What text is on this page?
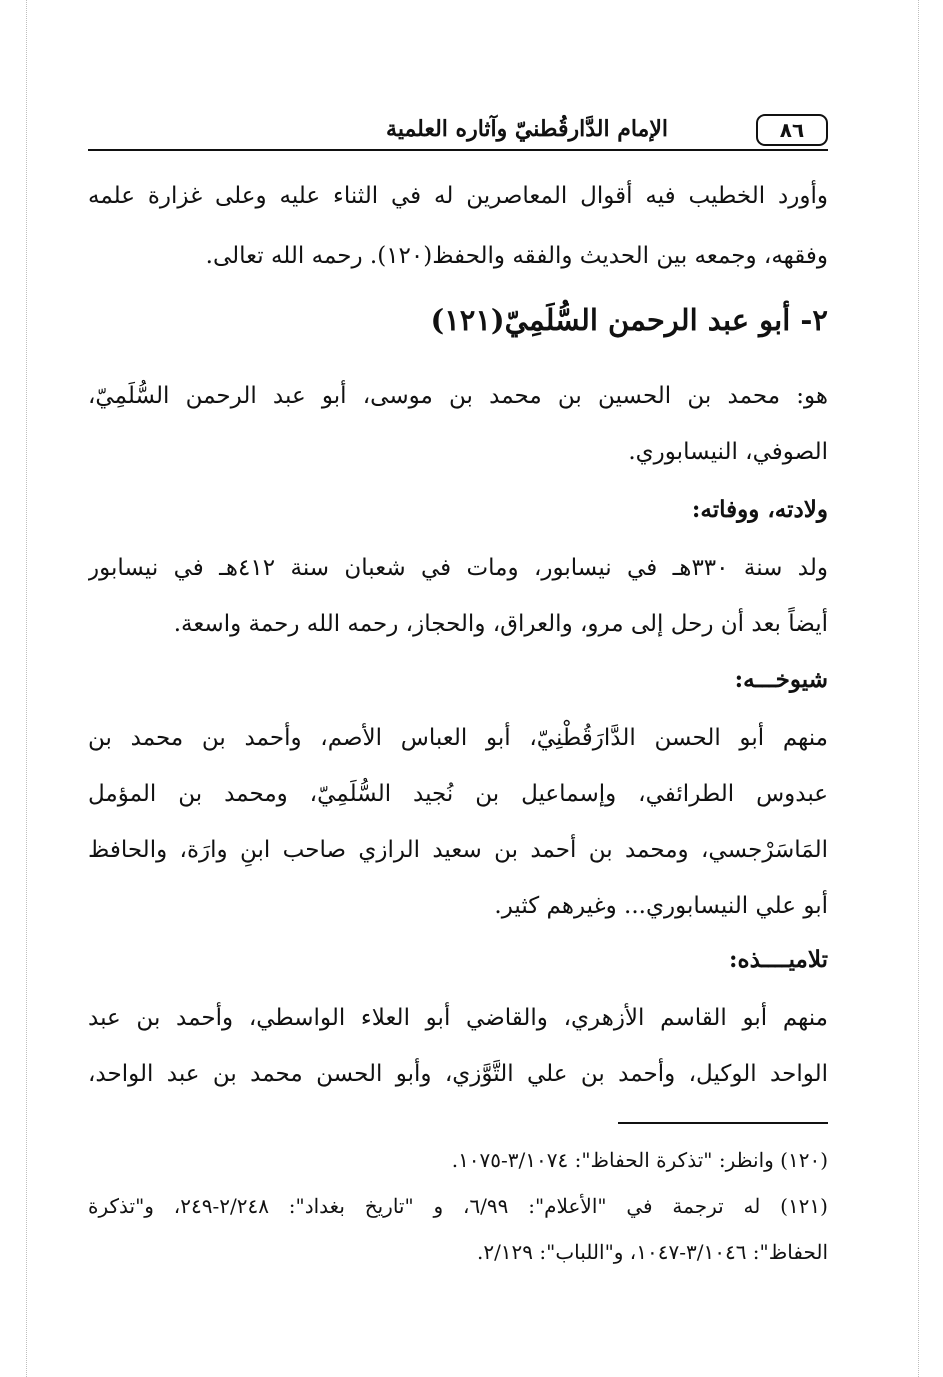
٨٦
الإمام الدَّارقُطنيّ وآثاره العلمية
وأورد الخطيب فيه أقوال المعاصرين له في الثناء عليه وعلى غزارة علمه
وفقهه، وجمعه بين الحديث والفقه والحفظ(١٢٠). رحمه الله تعالى.
٢- أبو عبد الرحمن السُّلَمِيّ(١٢١)
هو: محمد بن الحسين بن محمد بن موسى، أبو عبد الرحمن السُّلَمِيّ،
الصوفي، النيسابوري.
ولادته، ووفاته:
ولد سنة ٣٣٠هـ في نيسابور، ومات في شعبان سنة ٤١٢هـ في نيسابور
أيضاً بعد أن رحل إلى مرو، والعراق، والحجاز، رحمه الله رحمة واسعة.
شيوخـــه:
منهم أبو الحسن الدَّارَقُطْنِيّ، أبو العباس الأصم، وأحمد بن محمد بن
عبدوس الطرائفي، وإسماعيل بن نُجيد السُّلَمِيّ، ومحمد بن المؤمل
المَاسَرْجسي، ومحمد بن أحمد بن سعيد الرازي صاحب ابنِ وارَة، والحافظ
أبو علي النيسابوري... وغيرهم كثير.
تلاميــــذه:
منهم أبو القاسم الأزهري، والقاضي أبو العلاء الواسطي، وأحمد بن عبد
الواحد الوكيل، وأحمد بن علي التَّوَّزي، وأبو الحسن محمد بن عبد الواحد،
(١٢٠) وانظر: "تذكرة الحفاظ": ٣/١٠٧٤-١٠٧٥.
(١٢١) له ترجمة في "الأعلام": ٦/٩٩، و "تاريخ بغداد": ٢/٢٤٨-٢٤٩، و"تذكرة
الحفاظ": ٣/١٠٤٦-١٠٤٧، و"اللباب": ٢/١٢٩.
